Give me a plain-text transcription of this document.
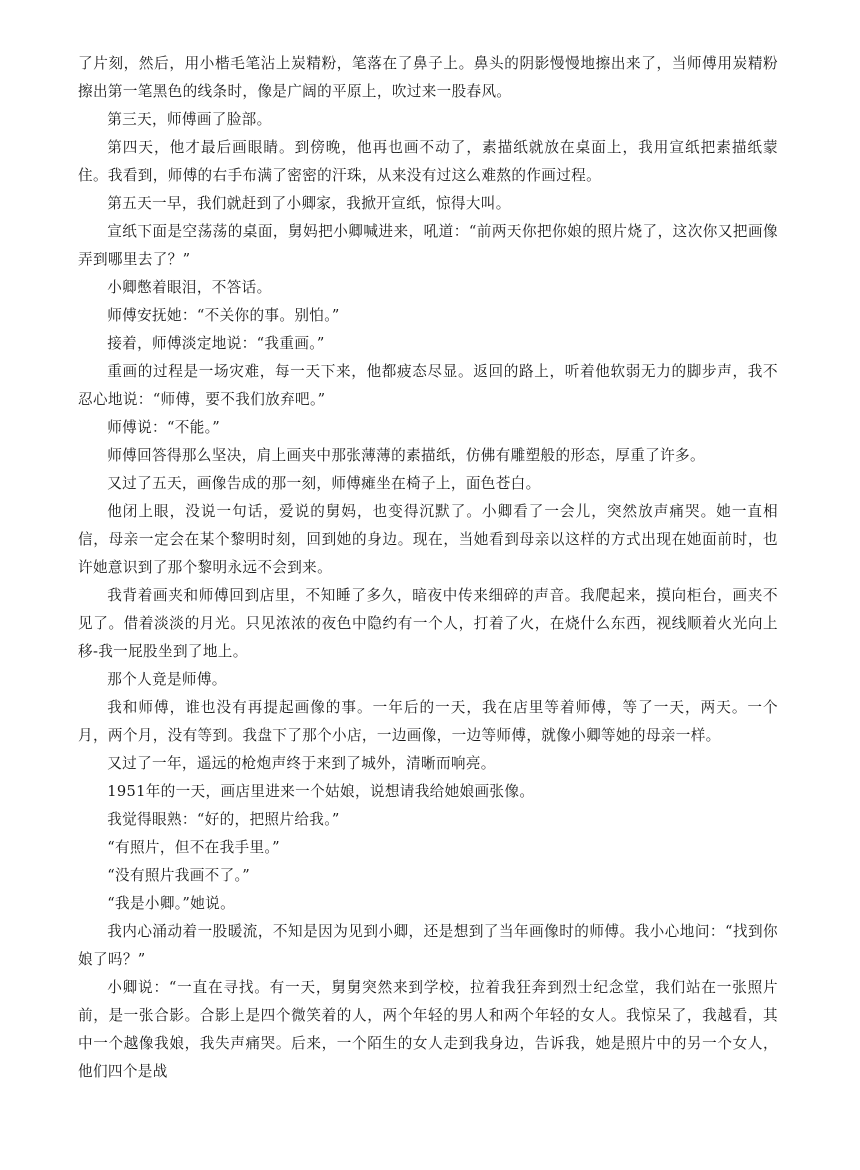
了片刻，然后，用小楷毛笔沾上炭精粉，笔落在了鼻子上。鼻头的阴影慢慢地擦出来了，当师傅用炭精粉擦出第一笔黑色的线条时，像是广阔的平原上，吹过来一股春风。

第三天，师傅画了脸部。

第四天，他才最后画眼睛。到傍晚，他再也画不动了，素描纸就放在桌面上，我用宣纸把素描纸蒙住。我看到，师傅的右手布满了密密的汗珠，从来没有过这么难熬的作画过程。

第五天一早，我们就赶到了小卿家，我掀开宣纸，惊得大叫。

宣纸下面是空荡荡的桌面，舅妈把小卿喊进来，吼道：“前两天你把你娘的照片烧了，这次你又把画像弄到哪里去了？”

小卿憋着眼泪，不答话。

师傅安抚她：“不关你的事。别怕。”

接着，师傅淡定地说：“我重画。”

重画的过程是一场灾难，每一天下来，他都疲态尽显。返回的路上，听着他软弱无力的脚步声，我不忍心地说：“师傅，要不我们放弃吧。”

师傅说：“不能。”

师傅回答得那么坚决，肩上画夹中那张薄薄的素描纸，仿佛有雕塑般的形态，厚重了许多。

又过了五天，画像告成的那一刻，师傅瘫坐在椅子上，面色苍白。

他闭上眼，没说一句话，爱说的舅妈，也变得沉默了。小卿看了一会儿，突然放声痛哭。她一直相信，母亲一定会在某个黎明时刻，回到她的身边。现在，当她看到母亲以这样的方式出现在她面前时，也许她意识到了那个黎明永远不会到来。

我背着画夹和师傅回到店里，不知睡了多久，暗夜中传来细碎的声音。我爬起来，摸向柜台，画夹不见了。借着淡淡的月光。只见浓浓的夜色中隐约有一个人，打着了火，在烧什么东西，视线顺着火光向上移-我一屁股坐到了地上。

那个人竟是师傅。

我和师傅，谁也没有再提起画像的事。一年后的一天，我在店里等着师傅，等了一天，两天。一个月，两个月，没有等到。我盘下了那个小店，一边画像，一边等师傅，就像小卿等她的母亲一样。

又过了一年，遥远的枪炮声终于来到了城外，清晰而响亮。

1951年的一天，画店里进来一个姑娘，说想请我给她娘画张像。

我觉得眼熟：“好的，把照片给我。”

“有照片，但不在我手里。”

“没有照片我画不了。”

“我是小卿。”她说。

我内心涌动着一股暖流，不知是因为见到小卿，还是想到了当年画像时的师傅。我小心地问：“找到你娘了吗？”

小卿说：“一直在寻找。有一天，舅舅突然来到学校，拉着我狂奔到烈士纪念堂，我们站在一张照片前，是一张合影。合影上是四个微笑着的人，两个年轻的男人和两个年轻的女人。我惊呆了，我越看，其中一个越像我娘，我失声痛哭。后来，一个陌生的女人走到我身边，告诉我，她是照片中的另一个女人，他们四个是战
